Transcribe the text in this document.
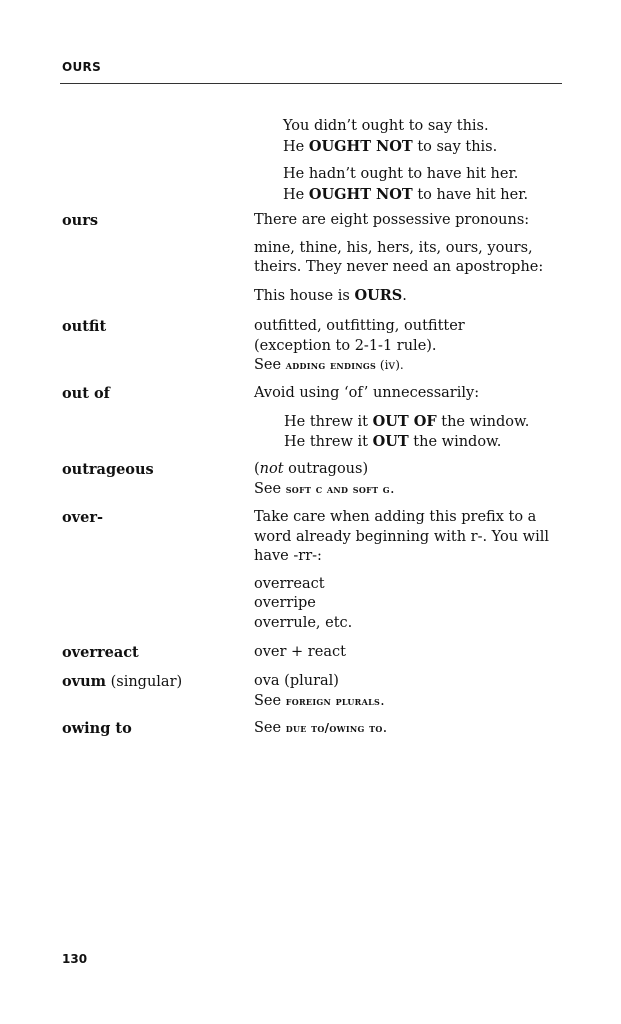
OURS
You didn’t ought to say this.
He OUGHT NOT to say this.
He hadn’t ought to have hit her.
He OUGHT NOT to have hit her.
ours	There are eight possessive pronouns:
mine, thine, his, hers, its, ours, yours,
theirs. They never need an apostrophe:
This house is OURS.
outfit	outfitted, outfitting, outfitter
(exception to 2-1-1 rule).
See adding endings (iv).
out of	Avoid using ‘of’ unnecessarily:
He threw it OUT OF the window.
He threw it OUT the window.
outrageous	(not outragous)
See soft c and soft g.
over-	Take care when adding this prefix to a
word already beginning with r-. You will
have -rr-:
overreact
overripe
overrule, etc.
overreact	over + react
ovum (singular)	ova (plural)
See foreign plurals.
owing to	See due to/owing to.
130
